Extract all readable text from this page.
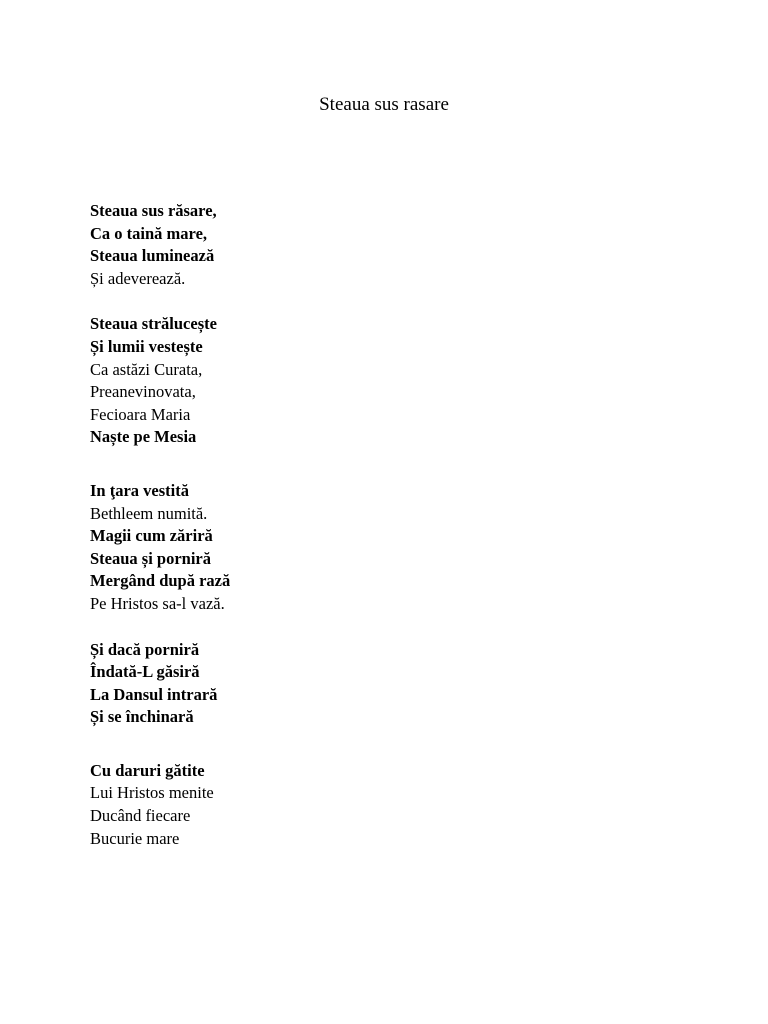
Steaua sus rasare
Steaua sus răsare,
Ca o taină mare,
Steaua luminează
Și adeverează.
Steaua strălucește
Și lumii vestește
Ca astăzi Curata,
Preanevinovata,
Fecioara Maria
Naște pe Mesia
In ţara vestită
Bethleem numită.
Magii cum zăriră
Steaua și porniră
Mergând după rază
Pe Hristos sa-l vază.
Și dacă porniră
Îndată-L găsiră
La Dansul intrară
Și se închinară
Cu daruri gătite
Lui Hristos menite
Ducând fiecare
Bucurie mare
